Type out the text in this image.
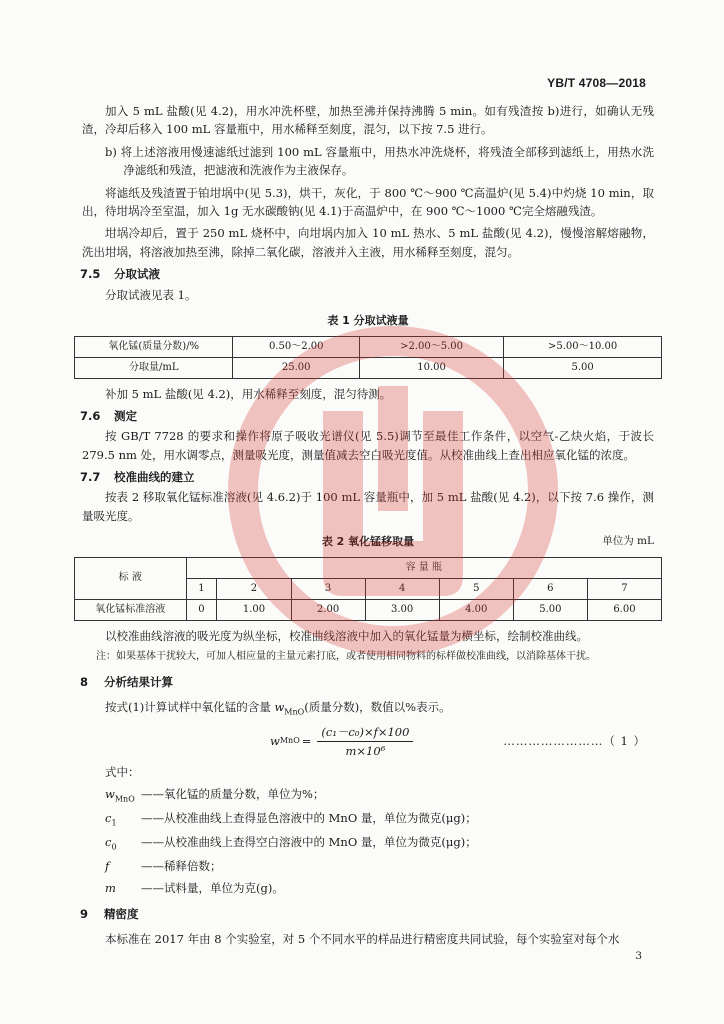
YB/T 4708—2018

加入 5 mL 盐酸(见 4.2)，用水冲洗杯壁，加热至沸并保持沸腾 5 min。如有残渣按 b)进行，如确认无残渣，冷却后移入 100 mL 容量瓶中，用水稀释至刻度，混匀，以下按 7.5 进行。

b) 将上述溶液用慢速滤纸过滤到 100 mL 容量瓶中，用热水冲洗烧杯，将残渣全部移到滤纸上，用热水洗净滤纸和残渣，把滤液和洗液作为主液保存。

将滤纸及残渣置于铂坩埚中(见 5.3)，烘干，灰化，于 800 ℃～900 ℃高温炉(见 5.4)中灼烧 10 min，取出，待坩埚冷至室温，加入 1g 无水碳酸钠(见 4.1)于高温炉中，在 900 ℃～1000 ℃完全熔融残渣。

坩埚冷却后，置于 250 mL 烧杯中，向坩埚内加入 10 mL 热水、5 mL 盐酸(见 4.2)，慢慢溶解熔融物，洗出坩埚，将溶液加热至沸，除掉二氧化碳，溶液并入主液，用水稀释至刻度，混匀。

7.5 分取试液

分取试液见表 1。

表 1 分取试液量
氧化锰(质量分数)/%	0.50～2.00	>2.00～5.00	>5.00～10.00
分取量/mL	25.00	10.00	5.00

补加 5 mL 盐酸(见 4.2)，用水稀释至刻度，混匀待测。

7.6 测定

按 GB/T 7728 的要求和操作将原子吸收光谱仪(见 5.5)调节至最佳工作条件，以空气-乙炔火焰，于波长 279.5 nm 处，用水调零点，测量吸光度，测量值减去空白吸光度值。从校准曲线上查出相应氧化锰的浓度。

7.7 校准曲线的建立

按表 2 移取氧化锰标准溶液(见 4.6.2)于 100 mL 容量瓶中，加 5 mL 盐酸(见 4.2)，以下按 7.6 操作，测量吸光度。

表 2 氧化锰移取量	单位为 mL
标 液	容 量 瓶						
	1	2	3	4	5	6	7
氧化锰标准溶液	0	1.00	2.00	3.00	4.00	5.00	6.00

以校准曲线溶液的吸光度为纵坐标，校准曲线溶液中加入的氧化锰量为横坐标，绘制校准曲线。

注：如果基体干扰较大，可加人相应量的主量元素打底，或者使用相同物料的标样做校准曲线，以消除基体干扰。

8 分析结果计算

按式(1)计算试样中氧化锰的含量 $w_{MnO}$(质量分数)，数值以%表示。

w MnO = $\frac{\text{(c₁－c₀)×f×100}}{\text{m×10⁶}}$	……………………（ 1 ）

式中：

$w_{MnO}$ ——氧化锰的质量分数，单位为%；
$c_1$ ——从校准曲线上查得显色溶液中的 MnO 量，单位为微克(μg)；
$c_0$ ——从校准曲线上查得空白溶液中的 MnO 量，单位为微克(μg)；
f	——稀释倍数；
m ——试料量，单位为克(g)。
9 精密度

本标准在 2017 年由 8 个实验室，对 5 个不同水平的样品进行精密度共同试验，每个实验室对每个水

3
